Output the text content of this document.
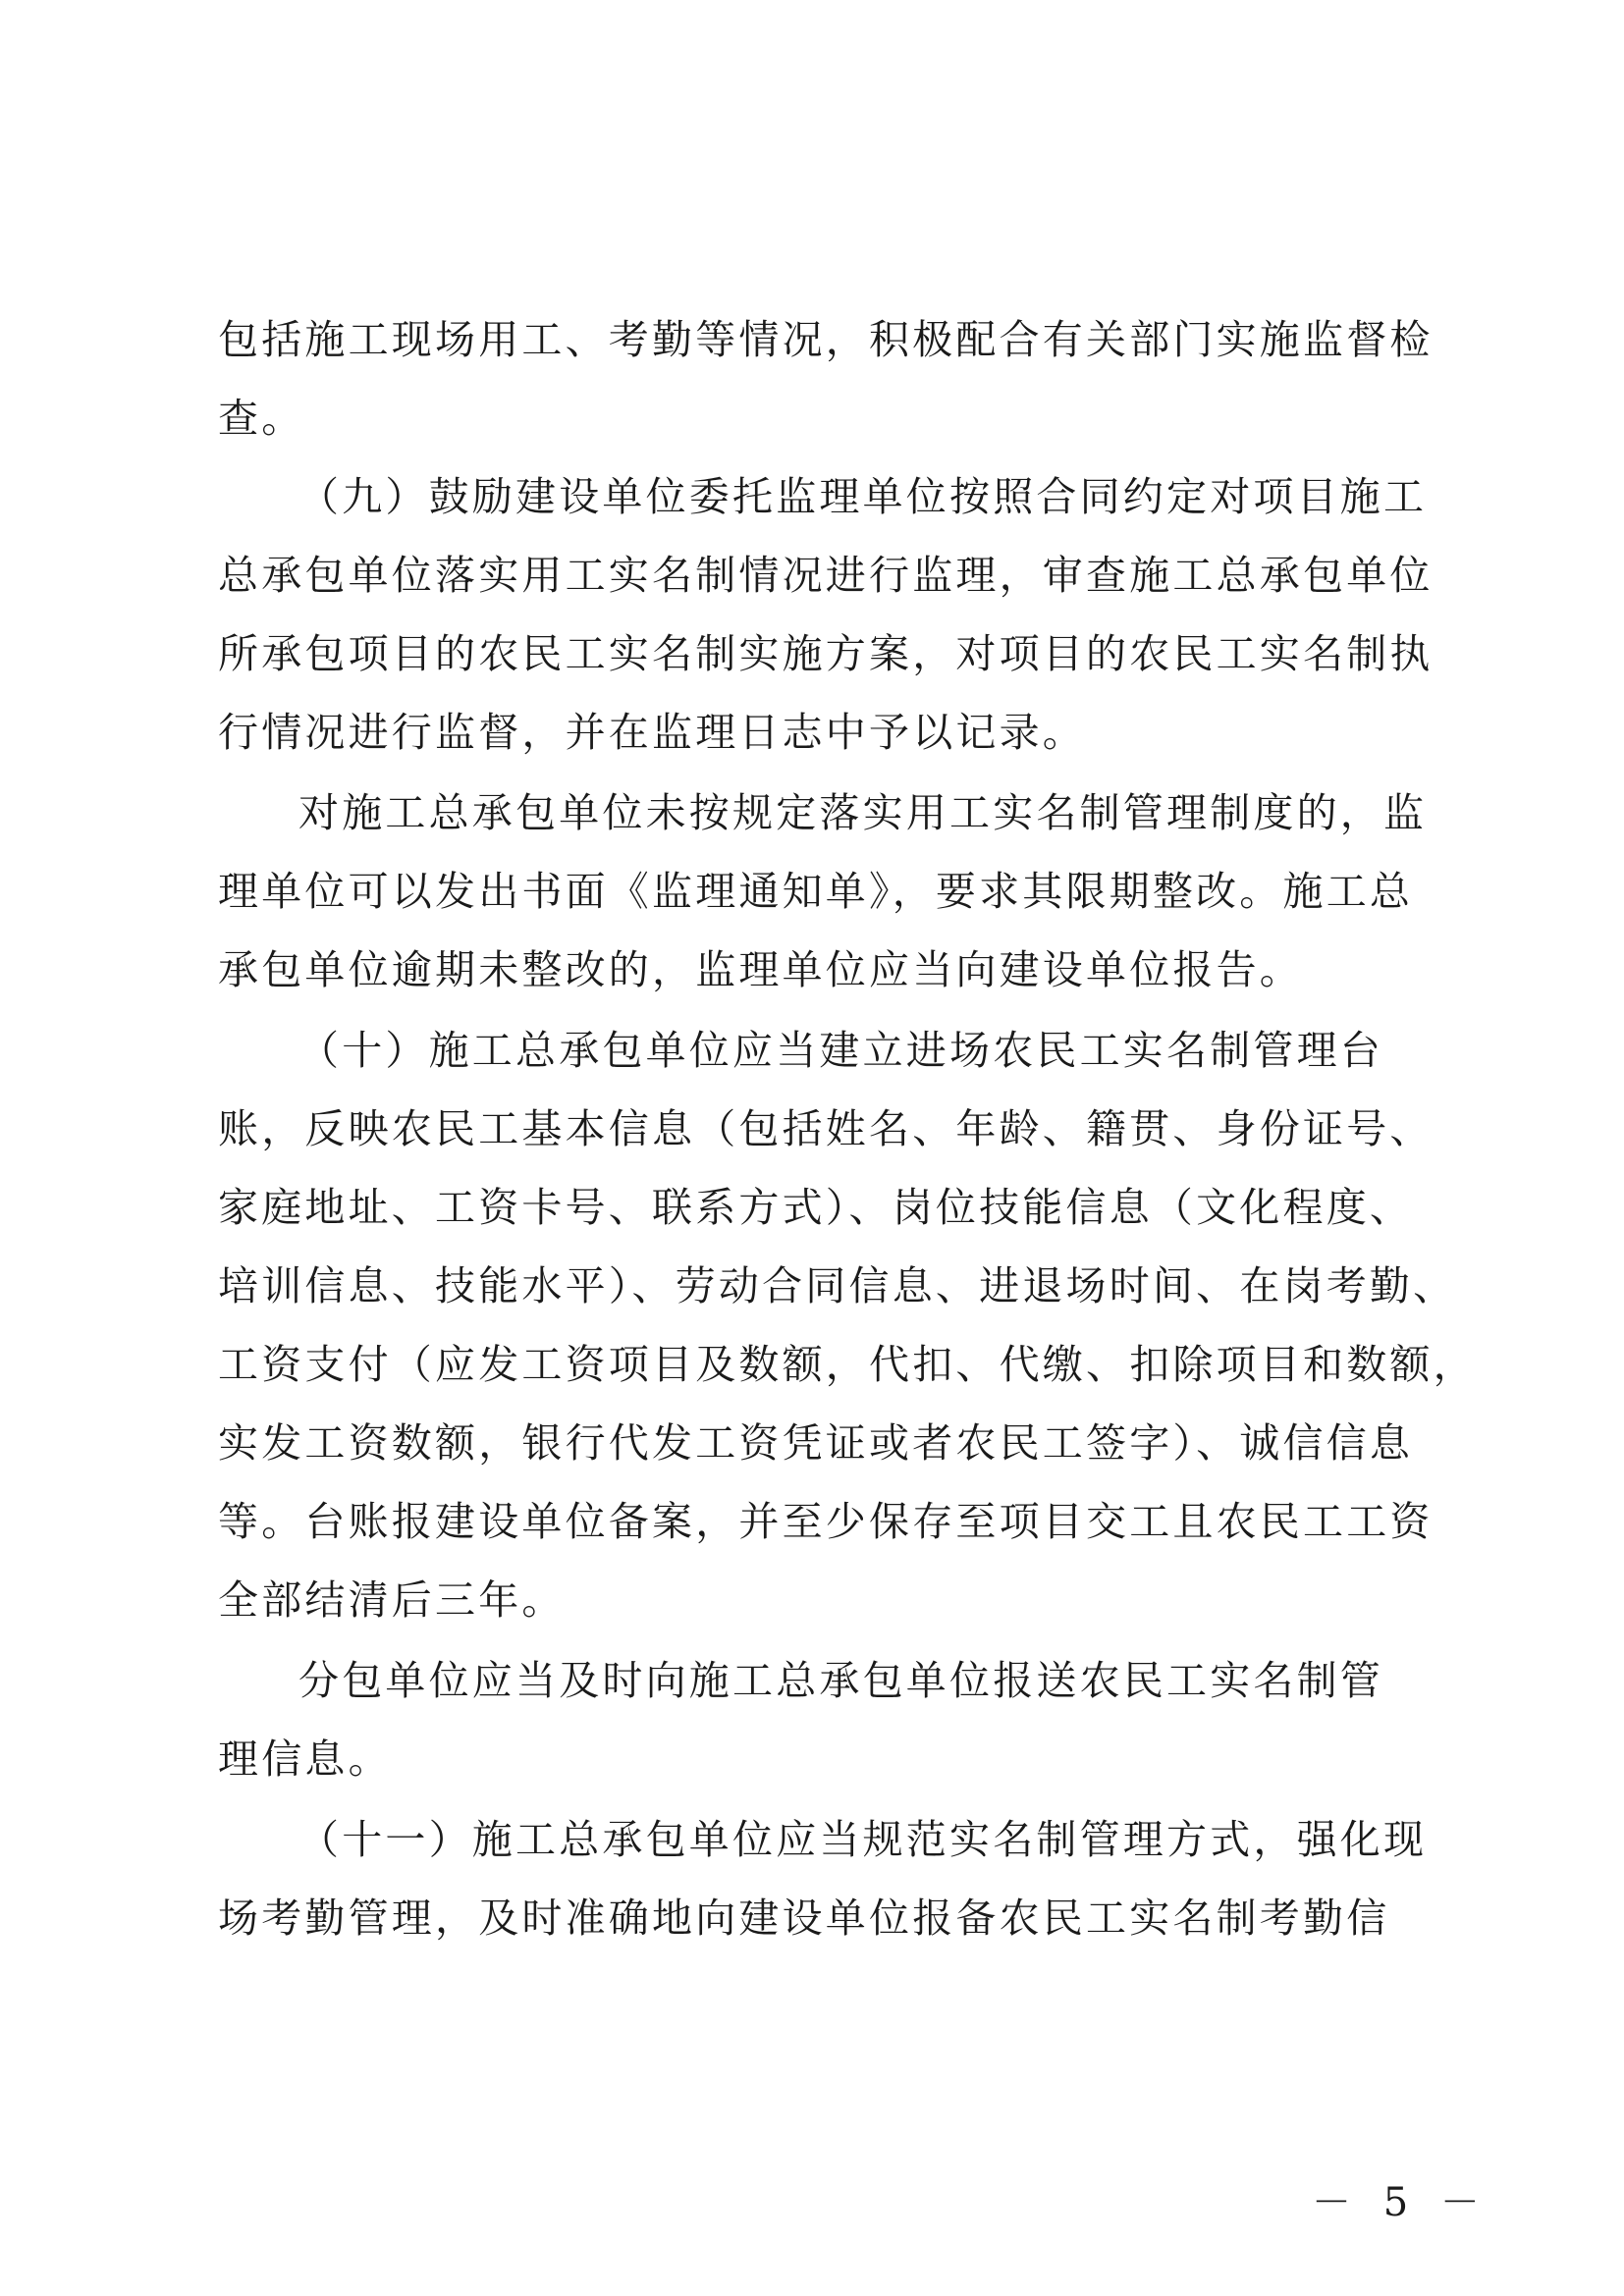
包括施工现场用工、考勤等情况，积极配合有关部门实施监督检
查。
（九）鼓励建设单位委托监理单位按照合同约定对项目施工
总承包单位落实用工实名制情况进行监理，审查施工总承包单位
所承包项目的农民工实名制实施方案，对项目的农民工实名制执
行情况进行监督，并在监理日志中予以记录。
对施工总承包单位未按规定落实用工实名制管理制度的，监
理单位可以发出书面《监理通知单》，要求其限期整改。施工总
承包单位逾期未整改的，监理单位应当向建设单位报告。
（十）施工总承包单位应当建立进场农民工实名制管理台
账，反映农民工基本信息（包括姓名、年龄、籍贯、身份证号、
家庭地址、工资卡号、联系方式）、岗位技能信息（文化程度、
培训信息、技能水平）、劳动合同信息、进退场时间、在岗考勤、
工资支付（应发工资项目及数额，代扣、代缴、扣除项目和数额，
实发工资数额，银行代发工资凭证或者农民工签字）、诚信信息
等。台账报建设单位备案，并至少保存至项目交工且农民工工资
全部结清后三年。
分包单位应当及时向施工总承包单位报送农民工实名制管
理信息。
（十一）施工总承包单位应当规范实名制管理方式，强化现
场考勤管理，及时准确地向建设单位报备农民工实名制考勤信
－ 5 －
